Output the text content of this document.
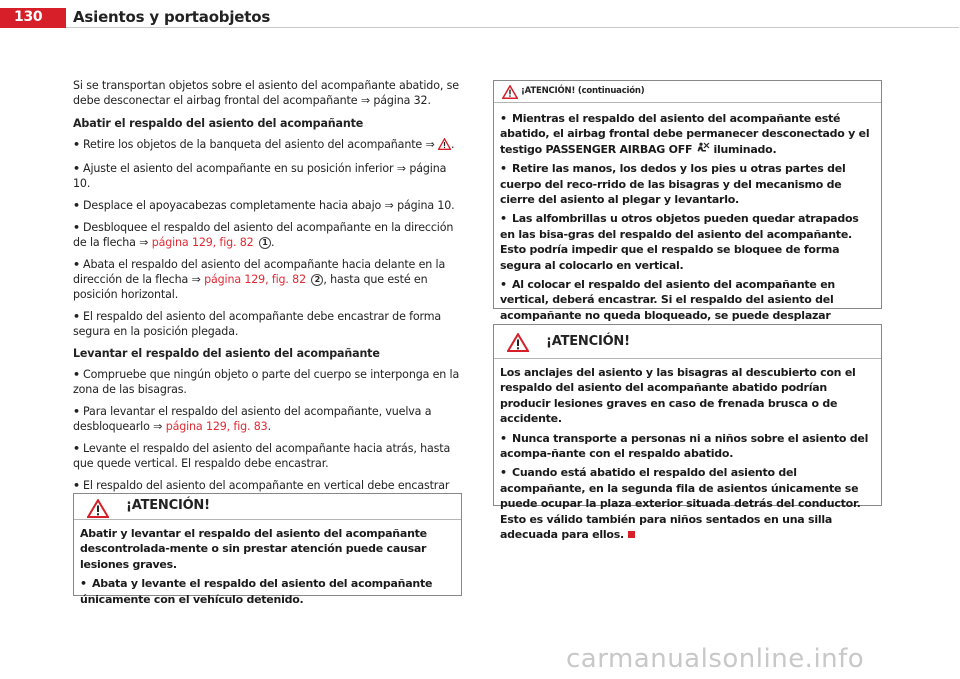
130 Asientos y portaobjetos

Si se transportan objetos sobre el asiento del acompañante abatido, se debe desconectar el airbag frontal del acompañante ⇒ página 32.

Abatir el respaldo del asiento del acompañante
• Retire los objetos de la banqueta del asiento del acompañante ⇒ .
• Ajuste el asiento del acompañante en su posición inferior ⇒ página 10.
• Desplace el apoyacabezas completamente hacia abajo ⇒ página 10.
• Desbloquee el respaldo del asiento del acompañante en la dirección de la flecha ⇒ página 129, fig. 82 1 .
• Abata el respaldo del asiento del acompañante hacia delante en la dirección de la flecha ⇒ página 129, fig. 82 2 , hasta que esté en posición horizontal.
• El respaldo del asiento del acompañante debe encastrar de forma segura en la posición plegada.
Levantar el respaldo del asiento del acompañante
• Compruebe que ningún objeto o parte del cuerpo se interponga en la zona de las bisagras.
• Para levantar el respaldo del asiento del acompañante, vuelva a desbloquearlo ⇒ página 129, fig. 83.
• Levante el respaldo del asiento del acompañante hacia atrás, hasta que quede vertical. El respaldo debe encastrar.
• El respaldo del asiento del acompañante en vertical debe encastrar
¡ATENCIÓN!
Abatir y levantar el respaldo del asiento del acompañante descontrolada-mente o sin prestar atención puede causar lesiones graves.
• Abata y levante el respaldo del asiento del acompañante únicamente con el vehículo detenido.
¡ATENCIÓN! (continuación)
• Mientras el respaldo del asiento del acompañante esté abatido, el airbag frontal debe permanecer desconectado y el testigo PASSENGER AIRBAG OFF iluminado.
• Retire las manos, los dedos y los pies u otras partes del cuerpo del reco-rrido de las bisagras y del mecanismo de cierre del asiento al plegar y levantarlo.
• Las alfombrillas u otros objetos pueden quedar atrapados en las bisa-gras del respaldo del asiento del acompañante. Esto podría impedir que el respaldo se bloquee de forma segura al colocarlo en vertical.
• Al colocar el respaldo del asiento del acompañante en vertical, deberá encastrar. Si el respaldo del asiento del acompañante no queda bloqueado, se puede desplazar
¡ATENCIÓN!
Los anclajes del asiento y las bisagras al descubierto con el respaldo del asiento del acompañante abatido podrían producir lesiones graves en caso de frenada brusca o de accidente.
• Nunca transporte a personas ni a niños sobre el asiento del acompa-ñante con el respaldo abatido.
• Cuando está abatido el respaldo del asiento del acompañante, en la segunda fila de asientos únicamente se puede ocupar la plaza exterior situada detrás del conductor. Esto es válido también para niños sentados en una silla adecuada para ellos.
carmanualsonline.info
